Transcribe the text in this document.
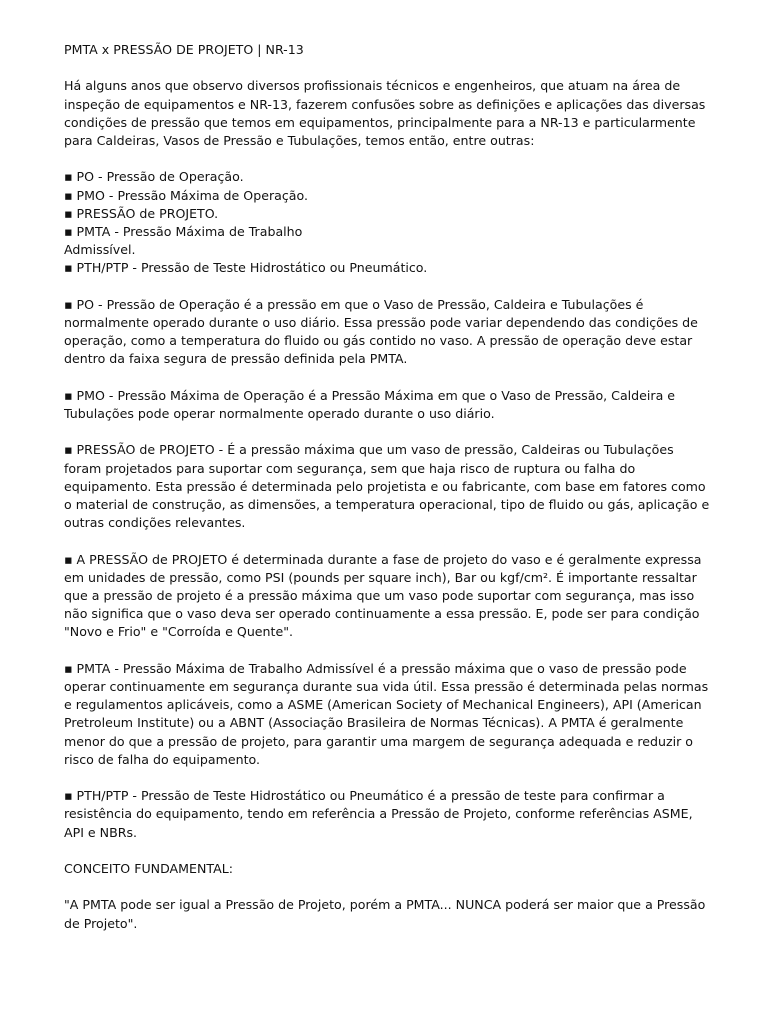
PMTA x PRESSÃO DE PROJETO | NR-13

Há alguns anos que observo diversos profissionais técnicos e engenheiros, que atuam na área de inspeção de equipamentos e NR-13, fazerem confusões sobre as definições e aplicações das diversas condições de pressão que temos em equipamentos, principalmente para a NR-13 e particularmente para Caldeiras, Vasos de Pressão e Tubulações, temos então, entre outras:

▪ PO - Pressão de Operação.
▪ PMO - Pressão Máxima de Operação.
▪ PRESSÃO de PROJETO.
▪ PMTA - Pressão Máxima de Trabalho
Admissível.
▪ PTH/PTP - Pressão de Teste Hidrostático ou Pneumático.

▪ PO - Pressão de Operação é a pressão em que o Vaso de Pressão, Caldeira e Tubulações é normalmente operado durante o uso diário. Essa pressão pode variar dependendo das condições de operação, como a temperatura do fluido ou gás contido no vaso. A pressão de operação deve estar dentro da faixa segura de pressão definida pela PMTA.

▪ PMO - Pressão Máxima de Operação é a Pressão Máxima em que o Vaso de Pressão, Caldeira e Tubulações pode operar normalmente operado durante o uso diário.

▪ PRESSÃO de PROJETO - É a pressão máxima que um vaso de pressão, Caldeiras ou Tubulações foram projetados para suportar com segurança, sem que haja risco de ruptura ou falha do equipamento. Esta pressão é determinada pelo projetista e ou fabricante, com base em fatores como o material de construção, as dimensões, a temperatura operacional, tipo de fluido ou gás, aplicação e outras condições relevantes.

▪ A PRESSÃO de PROJETO é determinada durante a fase de projeto do vaso e é geralmente expressa em unidades de pressão, como PSI (pounds per square inch), Bar ou kgf/cm². É importante ressaltar que a pressão de projeto é a pressão máxima que um vaso pode suportar com segurança, mas isso não significa que o vaso deva ser operado continuamente a essa pressão. E, pode ser para condição "Novo e Frio" e "Corroída e Quente".

▪ PMTA - Pressão Máxima de Trabalho Admissível é a pressão máxima que o vaso de pressão pode operar continuamente em segurança durante sua vida útil. Essa pressão é determinada pelas normas e regulamentos aplicáveis, como a ASME (American Society of Mechanical Engineers), API (American Pretroleum Institute) ou a ABNT (Associação Brasileira de Normas Técnicas). A PMTA é geralmente menor do que a pressão de projeto, para garantir uma margem de segurança adequada e reduzir o risco de falha do equipamento.

▪ PTH/PTP - Pressão de Teste Hidrostático ou Pneumático é a pressão de teste para confirmar a resistência do equipamento, tendo em referência a Pressão de Projeto, conforme referências ASME, API e NBRs.

CONCEITO FUNDAMENTAL:

"A PMTA pode ser igual a Pressão de Projeto, porém a PMTA... NUNCA poderá ser maior que a Pressão de Projeto".
